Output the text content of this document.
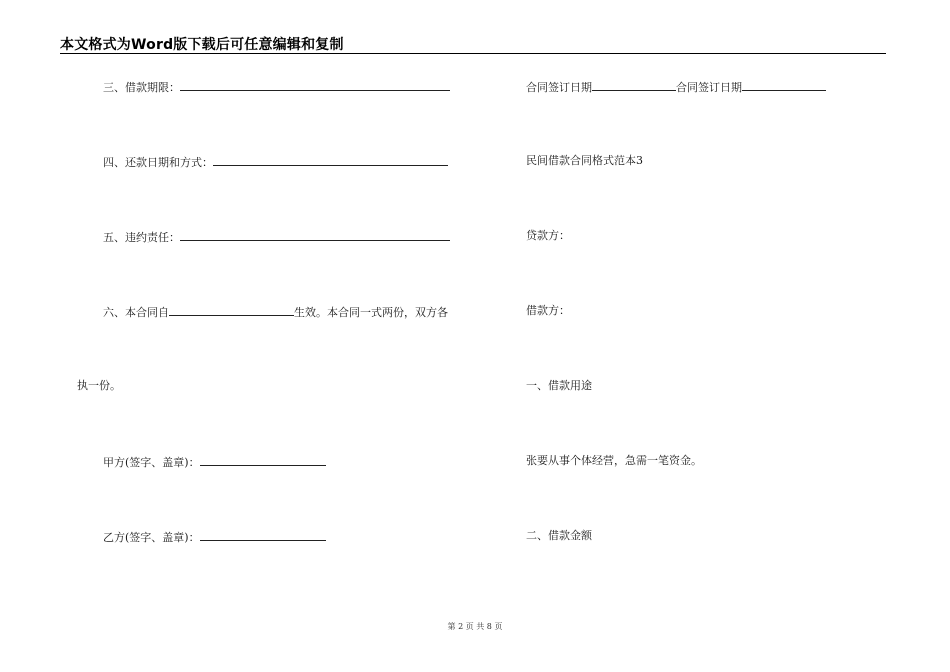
本文格式为Word版下载后可任意编辑和复制
三、借款期限：
四、还款日期和方式：
五、违约责任：
六、本合同自	生效。本合同一式两份，双方各
执一份。
甲方(签字、盖章)：
乙方(签字、盖章)：
合同签订日期	合同签订日期
民间借款合同格式范本3
贷款方：
借款方：
一、借款用途
张要从事个体经营，急需一笔资金。
二、借款金额
第 2 页 共 8 页
